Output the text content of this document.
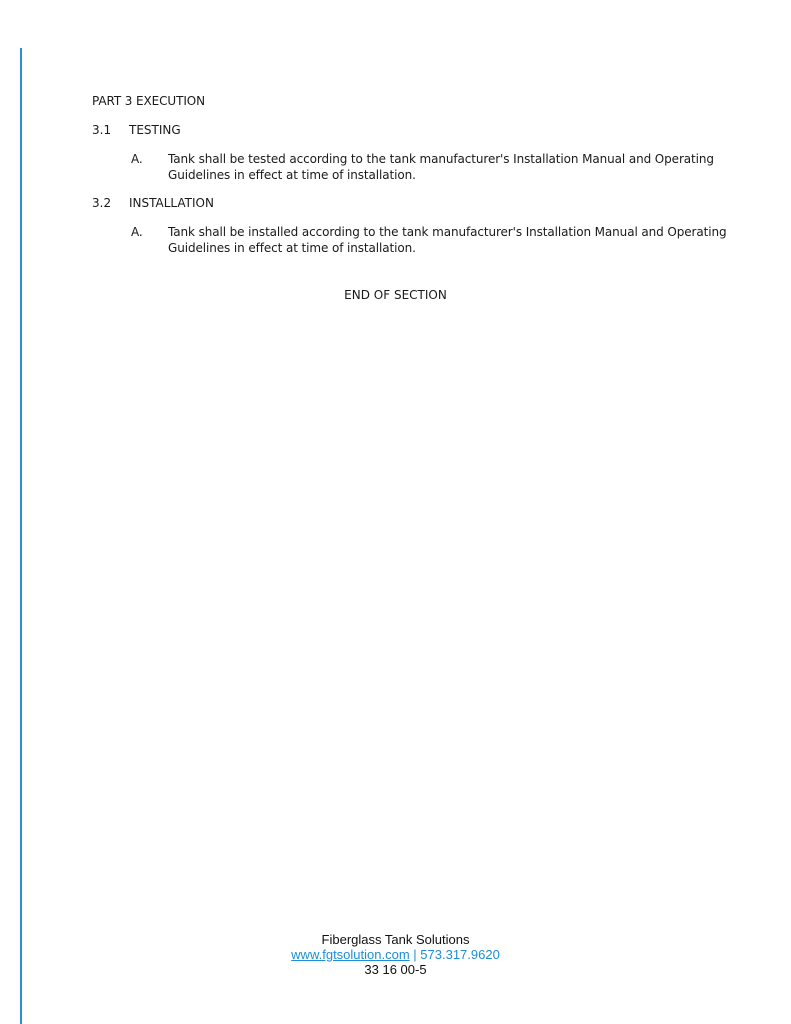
PART 3 EXECUTION
3.1 TESTING
A. Tank shall be tested according to the tank manufacturer's Installation Manual and Operating
Guidelines in effect at time of installation.
3.2 INSTALLATION
A. Tank shall be installed according to the tank manufacturer's Installation Manual and Operating
Guidelines in effect at time of installation.
END OF SECTION
Fiberglass Tank Solutions
www.fgtsolution.com | 573.317.9620
33 16 00-5
